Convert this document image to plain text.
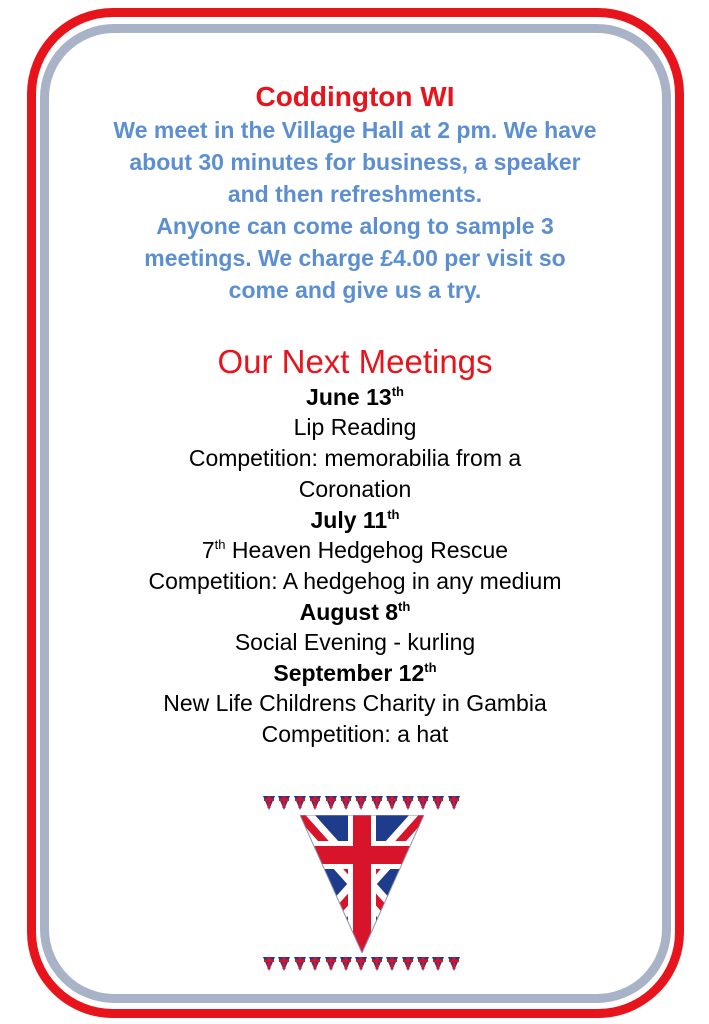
Coddington WI

We meet in the Village Hall at 2 pm. We have

about 30 minutes for business, a speaker

and then refreshments.

Anyone can come along to sample 3

meetings. We charge £4.00 per visit so

come and give us a try.

Our Next Meetings

June 13th

Lip Reading

Competition: memorabilia from a

Coronation

July 11th

7th Heaven Hedgehog Rescue

Competition: A hedgehog in any medium

August 8th

Social Evening - kurling

September 12th

New Life Childrens Charity in Gambia

Competition: a hat
